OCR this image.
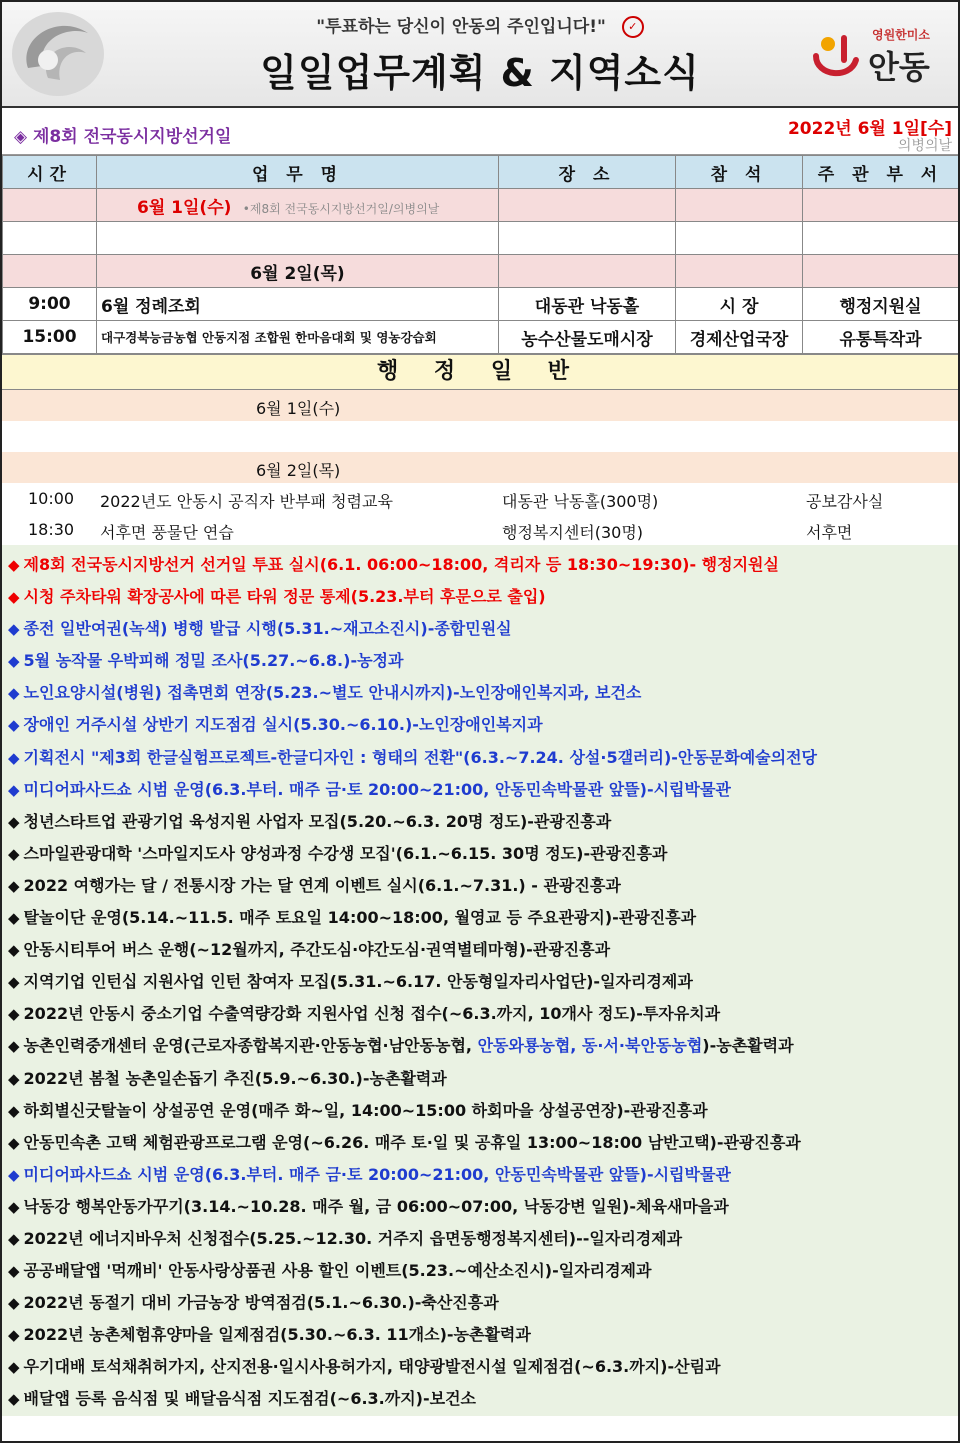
"투표하는 당신이 안동의 주인입니다!" ✓
일일업무계획 & 지역소식
영원한미소
안동
◈ 제8회 전국동시지방선거일	2022년 6월 1일[수]
의병의날
시간	업 무 명	장 소	참 석	주 관 부 서
	6월 1일(수) •제8회 전국동시지방선거일/의병의날			

	6월 2일(목)			
9:00	6월 정례조회	대동관 낙동홀	시 장	행정지원실
15:00	대구경북능금농협 안동지점 조합원 한마음대회 및 영농강습회	농수산물도매시장	경제산업국장	유통특작과
행 정 일 반
6월 1일(수)
6월 2일(목)
10:00 2022년도 안동시 공직자 반부패 청렴교육	대동관 낙동홀(300명)	공보감사실
18:30 서후면 풍물단 연습	행정복지센터(30명)	서후면
◆ 제8회 전국동시지방선거 선거일 투표 실시(6.1. 06:00~18:00, 격리자 등 18:30~19:30)- 행정지원실
◆ 시청 주차타워 확장공사에 따른 타워 정문 통제(5.23.부터 후문으로 출입)
◆ 종전 일반여권(녹색) 병행 발급 시행(5.31.~재고소진시)-종합민원실
◆ 5월 농작물 우박피해 정밀 조사(5.27.~6.8.)-농정과
◆ 노인요양시설(병원) 접촉면회 연장(5.23.~별도 안내시까지)-노인장애인복지과, 보건소
◆ 장애인 거주시설 상반기 지도점검 실시(5.30.~6.10.)-노인장애인복지과
◆ 기획전시 "제3회 한글실험프로젝트-한글디자인 : 형태의 전환"(6.3.~7.24. 상설·5갤러리)-안동문화예술의전당
◆ 미디어파사드쇼 시범 운영(6.3.부터. 매주 금·토 20:00~21:00, 안동민속박물관 앞뜰)-시립박물관
◆ 청년스타트업 관광기업 육성지원 사업자 모집(5.20.~6.3. 20명 정도)-관광진흥과
◆ 스마일관광대학 '스마일지도사 양성과정 수강생 모집'(6.1.~6.15. 30명 정도)-관광진흥과
◆ 2022 여행가는 달 / 전통시장 가는 달 연계 이벤트 실시(6.1.~7.31.) - 관광진흥과
◆ 탈놀이단 운영(5.14.~11.5. 매주 토요일 14:00~18:00, 월영교 등 주요관광지)-관광진흥과
◆ 안동시티투어 버스 운행(~12월까지, 주간도심·야간도심·권역별테마형)-관광진흥과
◆ 지역기업 인턴십 지원사업 인턴 참여자 모집(5.31.~6.17. 안동형일자리사업단)-일자리경제과
◆ 2022년 안동시 중소기업 수출역량강화 지원사업 신청 접수(~6.3.까지, 10개사 정도)-투자유치과
◆ 농촌인력중개센터 운영(근로자종합복지관·안동농협·남안동농협, 안동와룡농협, 동·서·북안동농협)-농촌활력과
◆ 2022년 봄철 농촌일손돕기 추진(5.9.~6.30.)-농촌활력과
◆ 하회별신굿탈놀이 상설공연 운영(매주 화~일, 14:00~15:00 하회마을 상설공연장)-관광진흥과
◆ 안동민속촌 고택 체험관광프로그램 운영(~6.26. 매주 토·일 및 공휴일 13:00~18:00 남반고택)-관광진흥과
◆ 미디어파사드쇼 시범 운영(6.3.부터. 매주 금·토 20:00~21:00, 안동민속박물관 앞뜰)-시립박물관
◆ 낙동강 행복안동가꾸기(3.14.~10.28. 매주 월, 금 06:00~07:00, 낙동강변 일원)-체육새마을과
◆ 2022년 에너지바우처 신청접수(5.25.~12.30. 거주지 읍면동행정복지센터)--일자리경제과
◆ 공공배달앱 '먹깨비' 안동사랑상품권 사용 할인 이벤트(5.23.~예산소진시)-일자리경제과
◆ 2022년 동절기 대비 가금농장 방역점검(5.1.~6.30.)-축산진흥과
◆ 2022년 농촌체험휴양마을 일제점검(5.30.~6.3. 11개소)-농촌활력과
◆ 우기대배 토석채취허가지, 산지전용·일시사용허가지, 태양광발전시설 일제점검(~6.3.까지)-산림과
◆ 배달앱 등록 음식점 및 배달음식점 지도점검(~6.3.까지)-보건소
